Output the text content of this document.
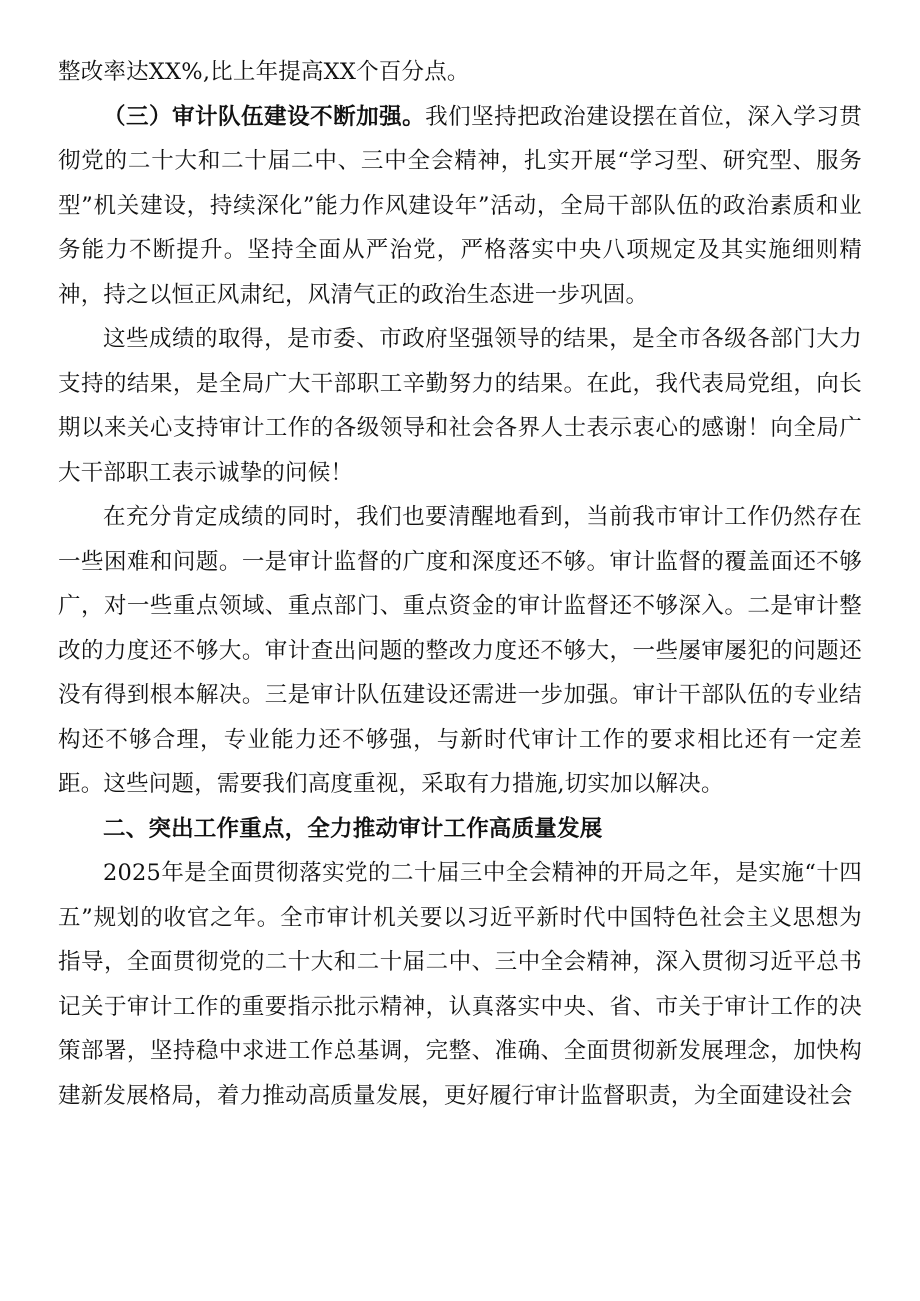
整改率达XX%,比上年提高XX个百分点。

（三）审计队伍建设不断加强。我们坚持把政治建设摆在首位，深入学习贯彻党的二十大和二十届二中、三中全会精神，扎实开展“学习型、研究型、服务型”机关建设，持续深化”能力作风建设年”活动，全局干部队伍的政治素质和业务能力不断提升。坚持全面从严治党，严格落实中央八项规定及其实施细则精神，持之以恒正风肃纪，风清气正的政治生态进一步巩固。

这些成绩的取得，是市委、市政府坚强领导的结果，是全市各级各部门大力支持的结果，是全局广大干部职工辛勤努力的结果。在此，我代表局党组，向长期以来关心支持审计工作的各级领导和社会各界人士表示衷心的感谢！向全局广大干部职工表示诚挚的问候！

在充分肯定成绩的同时，我们也要清醒地看到，当前我市审计工作仍然存在一些困难和问题。一是审计监督的广度和深度还不够。审计监督的覆盖面还不够广，对一些重点领域、重点部门、重点资金的审计监督还不够深入。二是审计整改的力度还不够大。审计查出问题的整改力度还不够大，一些屡审屡犯的问题还没有得到根本解决。三是审计队伍建设还需进一步加强。审计干部队伍的专业结构还不够合理，专业能力还不够强，与新时代审计工作的要求相比还有一定差距。这些问题，需要我们高度重视，采取有力措施,切实加以解决。

二、突出工作重点，全力推动审计工作高质量发展

2025年是全面贯彻落实党的二十届三中全会精神的开局之年，是实施“十四五”规划的收官之年。全市审计机关要以习近平新时代中国特色社会主义思想为指导，全面贯彻党的二十大和二十届二中、三中全会精神，深入贯彻习近平总书记关于审计工作的重要指示批示精神，认真落实中央、省、市关于审计工作的决策部署，坚持稳中求进工作总基调，完整、准确、全面贯彻新发展理念，加快构建新发展格局，着力推动高质量发展，更好履行审计监督职责，为全面建设社会
